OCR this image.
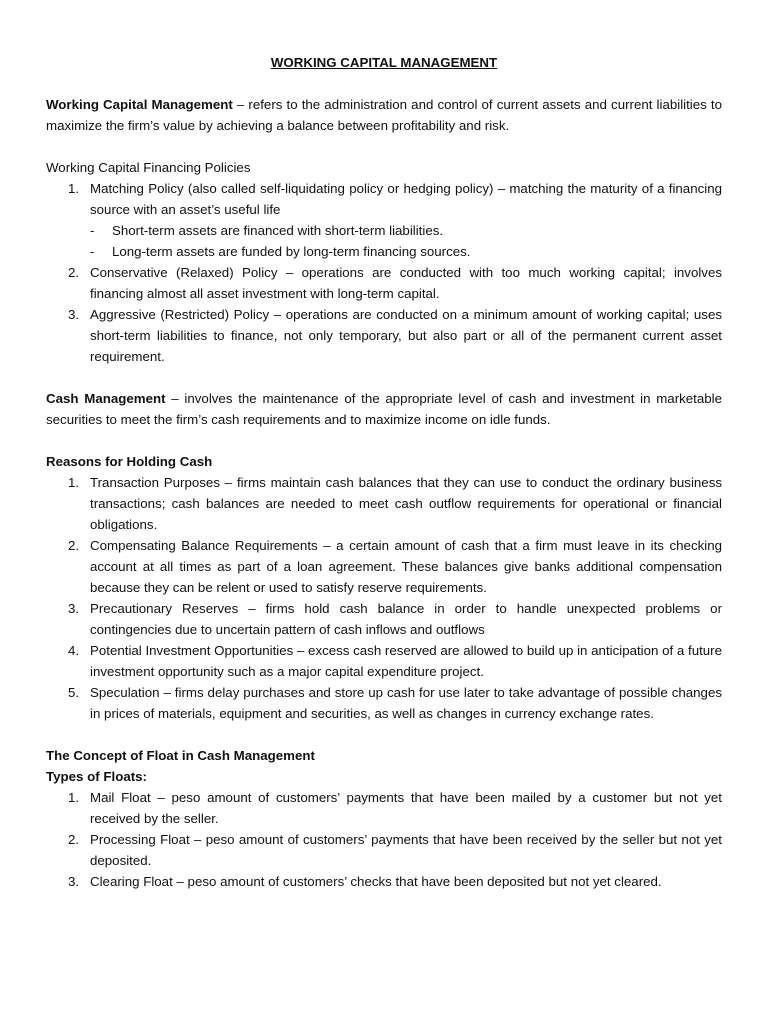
WORKING CAPITAL MANAGEMENT

Working Capital Management – refers to the administration and control of current assets and current liabilities to maximize the firm’s value by achieving a balance between profitability and risk.

Working Capital Financing Policies

1. Matching Policy (also called self-liquidating policy or hedging policy) – matching the maturity of a financing source with an asset’s useful life
- Short-term assets are financed with short-term liabilities.
- Long-term assets are funded by long-term financing sources.
2. Conservative (Relaxed) Policy – operations are conducted with too much working capital; involves financing almost all asset investment with long-term capital.
3. Aggressive (Restricted) Policy – operations are conducted on a minimum amount of working capital; uses short-term liabilities to finance, not only temporary, but also part or all of the permanent current asset requirement.

Cash Management – involves the maintenance of the appropriate level of cash and investment in marketable securities to meet the firm’s cash requirements and to maximize income on idle funds.

Reasons for Holding Cash

1. Transaction Purposes – firms maintain cash balances that they can use to conduct the ordinary business transactions; cash balances are needed to meet cash outflow requirements for operational or financial obligations.
2. Compensating Balance Requirements – a certain amount of cash that a firm must leave in its checking account at all times as part of a loan agreement. These balances give banks additional compensation because they can be relent or used to satisfy reserve requirements.
3. Precautionary Reserves – firms hold cash balance in order to handle unexpected problems or contingencies due to uncertain pattern of cash inflows and outflows
4. Potential Investment Opportunities – excess cash reserved are allowed to build up in anticipation of a future investment opportunity such as a major capital expenditure project.
5. Speculation – firms delay purchases and store up cash for use later to take advantage of possible changes in prices of materials, equipment and securities, as well as changes in currency exchange rates.

The Concept of Float in Cash Management

Types of Floats:

1. Mail Float – peso amount of customers’ payments that have been mailed by a customer but not yet received by the seller.
2. Processing Float – peso amount of customers’ payments that have been received by the seller but not yet deposited.
3. Clearing Float – peso amount of customers’ checks that have been deposited but not yet cleared.
